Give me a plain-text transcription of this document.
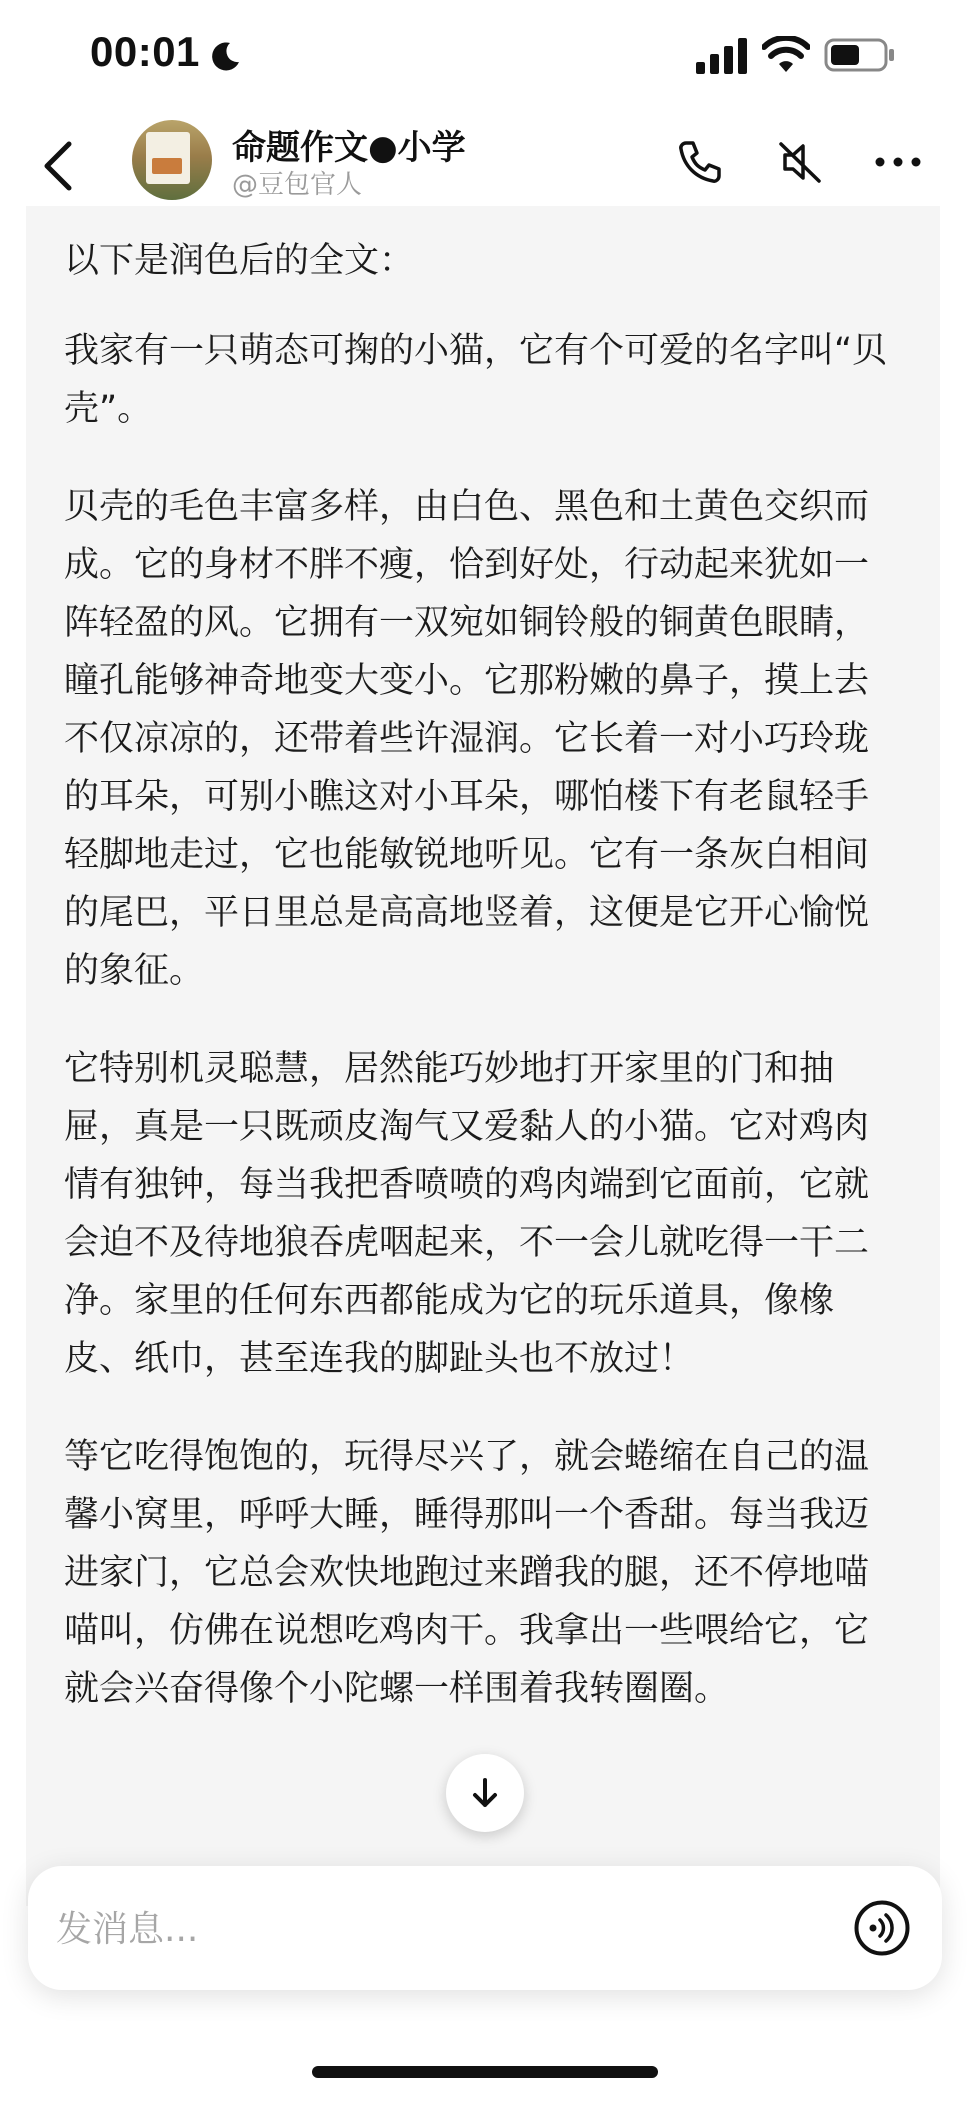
00:01
命题作文●小学
@豆包官人

以下是润色后的全文：

我家有一只萌态可掬的小猫，它有个可爱的名字叫“贝壳”。

贝壳的毛色丰富多样，由白色、黑色和土黄色交织而成。它的身材不胖不瘦，恰到好处，行动起来犹如一阵轻盈的风。它拥有一双宛如铜铃般的铜黄色眼睛，瞳孔能够神奇地变大变小。它那粉嫩的鼻子，摸上去不仅凉凉的，还带着些许湿润。它长着一对小巧玲珑的耳朵，可别小瞧这对小耳朵，哪怕楼下有老鼠轻手轻脚地走过，它也能敏锐地听见。它有一条灰白相间的尾巴，平日里总是高高地竖着，这便是它开心愉悦的象征。

它特别机灵聪慧，居然能巧妙地打开家里的门和抽屉，真是一只既顽皮淘气又爱黏人的小猫。它对鸡肉情有独钟，每当我把香喷喷的鸡肉端到它面前，它就会迫不及待地狼吞虎咽起来，不一会儿就吃得一干二净。家里的任何东西都能成为它的玩乐道具，像橡皮、纸巾，甚至连我的脚趾头也不放过！

等它吃得饱饱的，玩得尽兴了，就会蜷缩在自己的温馨小窝里，呼呼大睡，睡得那叫一个香甜。每当我迈进家门，它总会欢快地跑过来蹭我的腿，还不停地喵喵叫，仿佛在说想吃鸡肉干。我拿出一些喂给它，它就会兴奋得像个小陀螺一样围着我转圈圈。

发消息...
